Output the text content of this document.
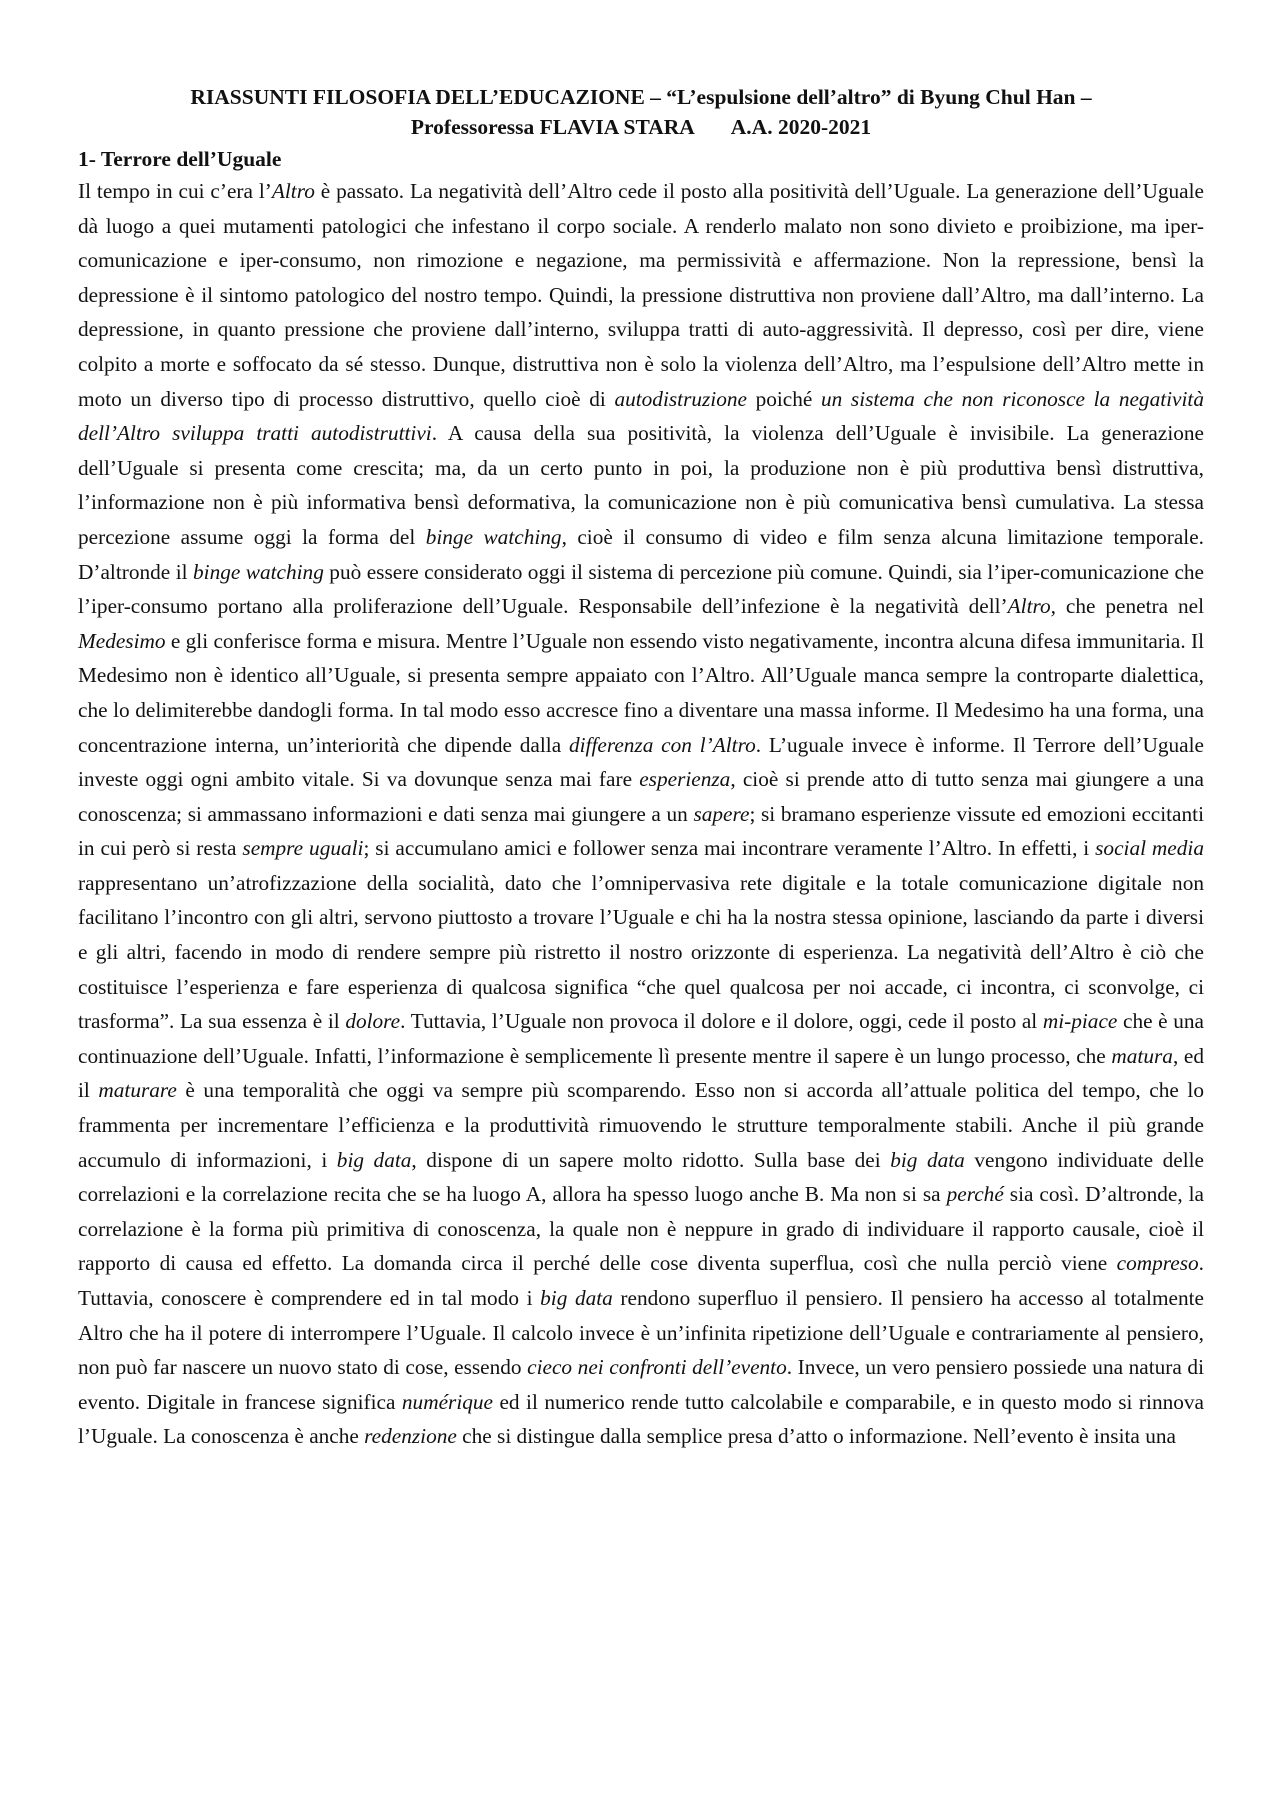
RIASSUNTI FILOSOFIA DELL’EDUCAZIONE – “L’espulsione dell’altro” di Byung Chul Han –
Professoressa FLAVIA STARA A.A. 2020-2021
1- Terrore dell’Uguale

Il tempo in cui c’era l’Altro è passato. La negatività dell’Altro cede il posto alla positività dell’Uguale. La generazione dell’Uguale dà luogo a quei mutamenti patologici che infestano il corpo sociale. A renderlo malato non sono divieto e proibizione, ma iper-comunicazione e iper-consumo, non rimozione e negazione, ma permissività e affermazione. Non la repressione, bensì la depressione è il sintomo patologico del nostro tempo. Quindi, la pressione distruttiva non proviene dall’Altro, ma dall’interno. La depressione, in quanto pressione che proviene dall’interno, sviluppa tratti di auto-aggressività. Il depresso, così per dire, viene colpito a morte e soffocato da sé stesso. Dunque, distruttiva non è solo la violenza dell’Altro, ma l’espulsione dell’Altro mette in moto un diverso tipo di processo distruttivo, quello cioè di autodistruzione poiché un sistema che non riconosce la negatività dell’Altro sviluppa tratti autodistruttivi. A causa della sua positività, la violenza dell’Uguale è invisibile. La generazione dell’Uguale si presenta come crescita; ma, da un certo punto in poi, la produzione non è più produttiva bensì distruttiva, l’informazione non è più informativa bensì deformativa, la comunicazione non è più comunicativa bensì cumulativa. La stessa percezione assume oggi la forma del binge watching, cioè il consumo di video e film senza alcuna limitazione temporale. D’altronde il binge watching può essere considerato oggi il sistema di percezione più comune. Quindi, sia l’iper-comunicazione che l’iper-consumo portano alla proliferazione dell’Uguale. Responsabile dell’infezione è la negatività dell’Altro, che penetra nel Medesimo e gli conferisce forma e misura. Mentre l’Uguale non essendo visto negativamente, incontra alcuna difesa immunitaria. Il Medesimo non è identico all’Uguale, si presenta sempre appaiato con l’Altro. All’Uguale manca sempre la controparte dialettica, che lo delimiterebbe dandogli forma. In tal modo esso accresce fino a diventare una massa informe. Il Medesimo ha una forma, una concentrazione interna, un’interiorità che dipende dalla differenza con l’Altro. L’uguale invece è informe. Il Terrore dell’Uguale investe oggi ogni ambito vitale. Si va dovunque senza mai fare esperienza, cioè si prende atto di tutto senza mai giungere a una conoscenza; si ammassano informazioni e dati senza mai giungere a un sapere; si bramano esperienze vissute ed emozioni eccitanti in cui però si resta sempre uguali; si accumulano amici e follower senza mai incontrare veramente l’Altro. In effetti, i social media rappresentano un’atrofizzazione della socialità, dato che l’omnipervasiva rete digitale e la totale comunicazione digitale non facilitano l’incontro con gli altri, servono piuttosto a trovare l’Uguale e chi ha la nostra stessa opinione, lasciando da parte i diversi e gli altri, facendo in modo di rendere sempre più ristretto il nostro orizzonte di esperienza. La negatività dell’Altro è ciò che costituisce l’esperienza e fare esperienza di qualcosa significa “che quel qualcosa per noi accade, ci incontra, ci sconvolge, ci trasforma”. La sua essenza è il dolore. Tuttavia, l’Uguale non provoca il dolore e il dolore, oggi, cede il posto al mi-piace che è una continuazione dell’Uguale. Infatti, l’informazione è semplicemente lì presente mentre il sapere è un lungo processo, che matura, ed il maturare è una temporalità che oggi va sempre più scomparendo. Esso non si accorda all’attuale politica del tempo, che lo frammenta per incrementare l’efficienza e la produttività rimuovendo le strutture temporalmente stabili. Anche il più grande accumulo di informazioni, i big data, dispone di un sapere molto ridotto. Sulla base dei big data vengono individuate delle correlazioni e la correlazione recita che se ha luogo A, allora ha spesso luogo anche B. Ma non si sa perché sia così. D’altronde, la correlazione è la forma più primitiva di conoscenza, la quale non è neppure in grado di individuare il rapporto causale, cioè il rapporto di causa ed effetto. La domanda circa il perché delle cose diventa superflua, così che nulla perciò viene compreso. Tuttavia, conoscere è comprendere ed in tal modo i big data rendono superfluo il pensiero. Il pensiero ha accesso al totalmente Altro che ha il potere di interrompere l’Uguale. Il calcolo invece è un’infinita ripetizione dell’Uguale e contrariamente al pensiero, non può far nascere un nuovo stato di cose, essendo cieco nei confronti dell’evento. Invece, un vero pensiero possiede una natura di evento. Digitale in francese significa numérique ed il numerico rende tutto calcolabile e comparabile, e in questo modo si rinnova l’Uguale. La conoscenza è anche redenzione che si distingue dalla semplice presa d’atto o informazione. Nell’evento è insita una
